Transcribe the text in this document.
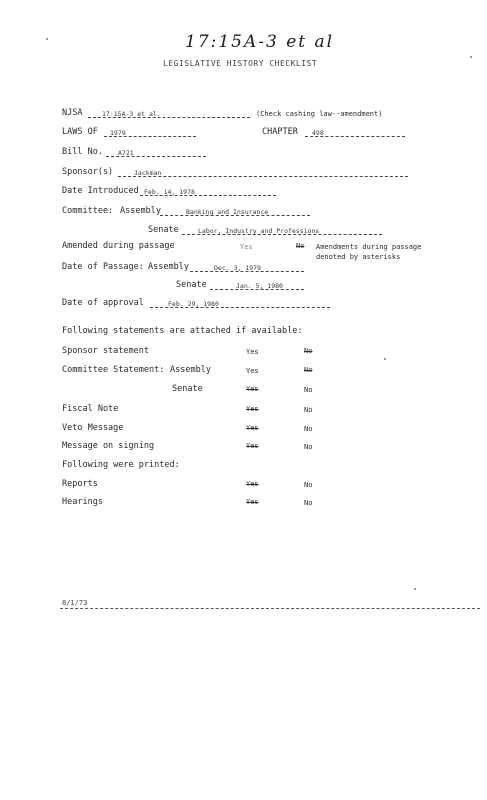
17:15A-3 et al
LEGISLATIVE HISTORY CHECKLIST
NJSA	17:15A-3 et al.	(Check cashing law--amendment)
LAWS OF 1979	CHAPTER 498
Bill No. A721
Sponsor(s)	Jackman
Date Introduced Feb. 14, 1978
Committee: Assembly	Banking and Insurance
Senate	Labor, Industry and Professions
Amended during passage	Yes	No Amendments during passage
denoted by asterisks
Date of Passage: Assembly	Dec. 3, 1979
Senate	Jan. 5, 1980
Date of approval	Feb. 29, 1980
Following statements are attached if available:
Sponsor statement	Yes	No
Committee Statement: Assembly	Yes	No
Senate	Yes	No
Fiscal Note	Yes	No
Veto Message	Yes	No
Message on signing	Yes	No
Following were printed:
Reports	Yes	No
Hearings	Yes	No
8/1/73
